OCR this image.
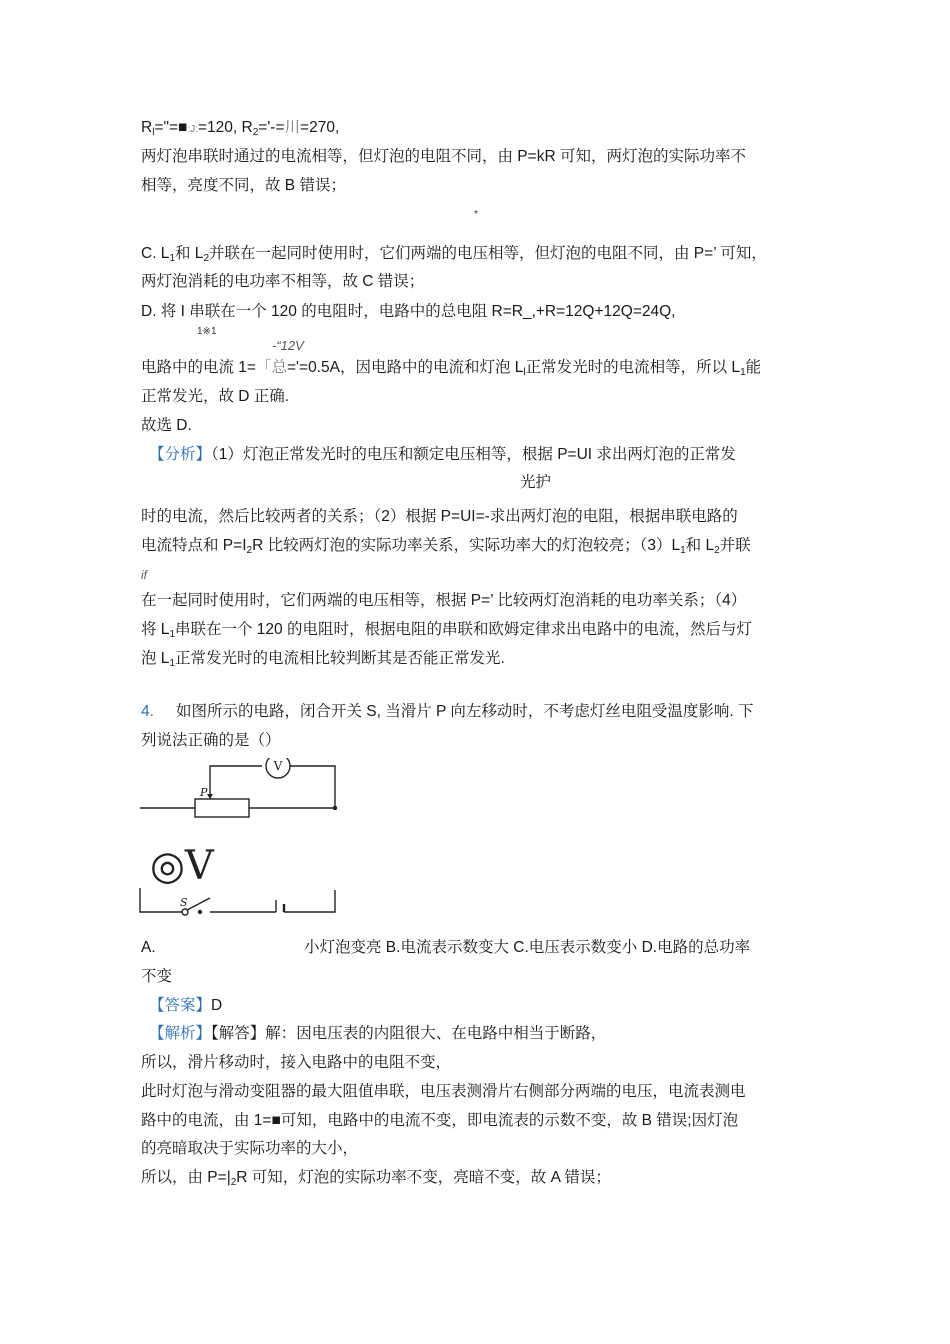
$R_l="=■:J:=120$, $R_2='-=$川=270,
两灯泡串联时通过的电流相等，但灯泡的电阻不同，由 P=kR 可知，两灯泡的实际功率不
相等，亮度不同，故 B 错误；
*
C. $L_1$和 $L_2$并联在一起同时使用时，它们两端的电压相等，但灯泡的电阻不同，由 P=’ 可知，
两灯泡消耗的电功率不相等，故 C 错误；
D. 将 I 串联在一个 120 的电阻时，电路中的总电阻 R=R_,+R=12Q+12Q=24Q,
1※1
-“12V
电路中的电流 1=「总='=0.5A，因电路中的电流和灯泡 $L_l$正常发光时的电流相等，所以 $L_1$能
正常发光，故 D 正确.
故选 D.
【分析】（1）灯泡正常发光时的电压和额定电压相等，根据 P=UI 求出两灯泡的正常发
光护
时的电流，然后比较两者的关系；（2）根据 P=UI=-求出两灯泡的电阻，根据串联电路的
电流特点和 $P=I_2R$ 比较两灯泡的实际功率关系，实际功率大的灯泡较亮；$(3)L_1$和 $L_2$并联
if
在一起同时使用时，它们两端的电压相等，根据 P=’ 比较两灯泡消耗的电功率关系；（4）
将 $L_1$串联在一个 120 的电阻时，根据电阻的串联和欧姆定律求出电路中的电流，然后与灯
泡 $L_1$正常发光时的电流相比较判断其是否能正常发光.
4. 如图所示的电路，闭合开关 S, 当滑片 P 向左移动时，不考虑灯丝电阻受温度影响. 下
列说法正确的是（）
V
P
◎V
S
A.	小灯泡变亮 B.电流表示数变大 C.电压表示数变小 D.电路的总功率
不变
【答案】D
【解析】【解答】解：因电压表的内阻很大、在电路中相当于断路，
所以，滑片移动时，接入电路中的电阻不变，
此时灯泡与滑动变阻器的最大阻值串联，电压表测滑片右侧部分两端的电压，电流表测电
路中的电流，由 1=■可知，电路中的电流不变，即电流表的示数不变，故 B 错误;因灯泡
的亮暗取决于实际功率的大小，
所以，由 $P=|_2R$ 可知，灯泡的实际功率不变，亮暗不变，故 A 错误；
